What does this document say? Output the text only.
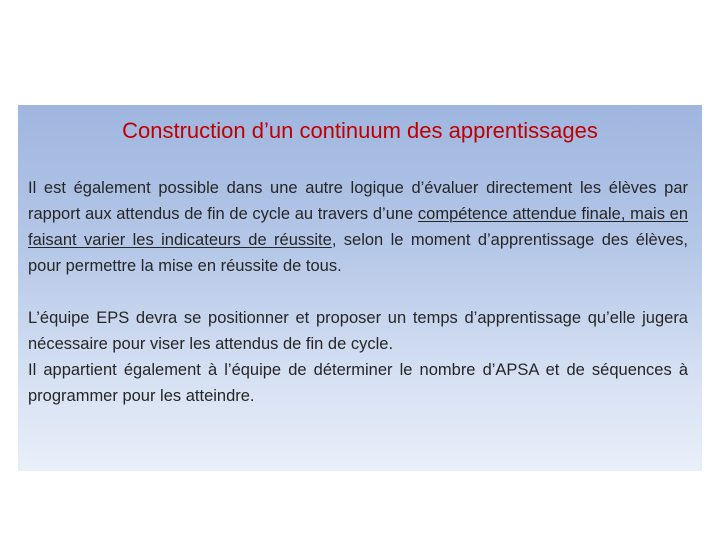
Construction d’un continuum des apprentissages

Il est également possible dans une autre logique d’évaluer directement les élèves par rapport aux attendus de fin de cycle au travers d’une compétence attendue finale, mais en faisant varier les indicateurs de réussite, selon le moment d’apprentissage des élèves, pour permettre la mise en réussite de tous.

L’équipe EPS devra se positionner et proposer un temps d’apprentissage qu’elle jugera nécessaire pour viser les attendus de fin de cycle.

Il appartient également à l’équipe de déterminer le nombre d’APSA et de séquences à programmer pour les atteindre.
